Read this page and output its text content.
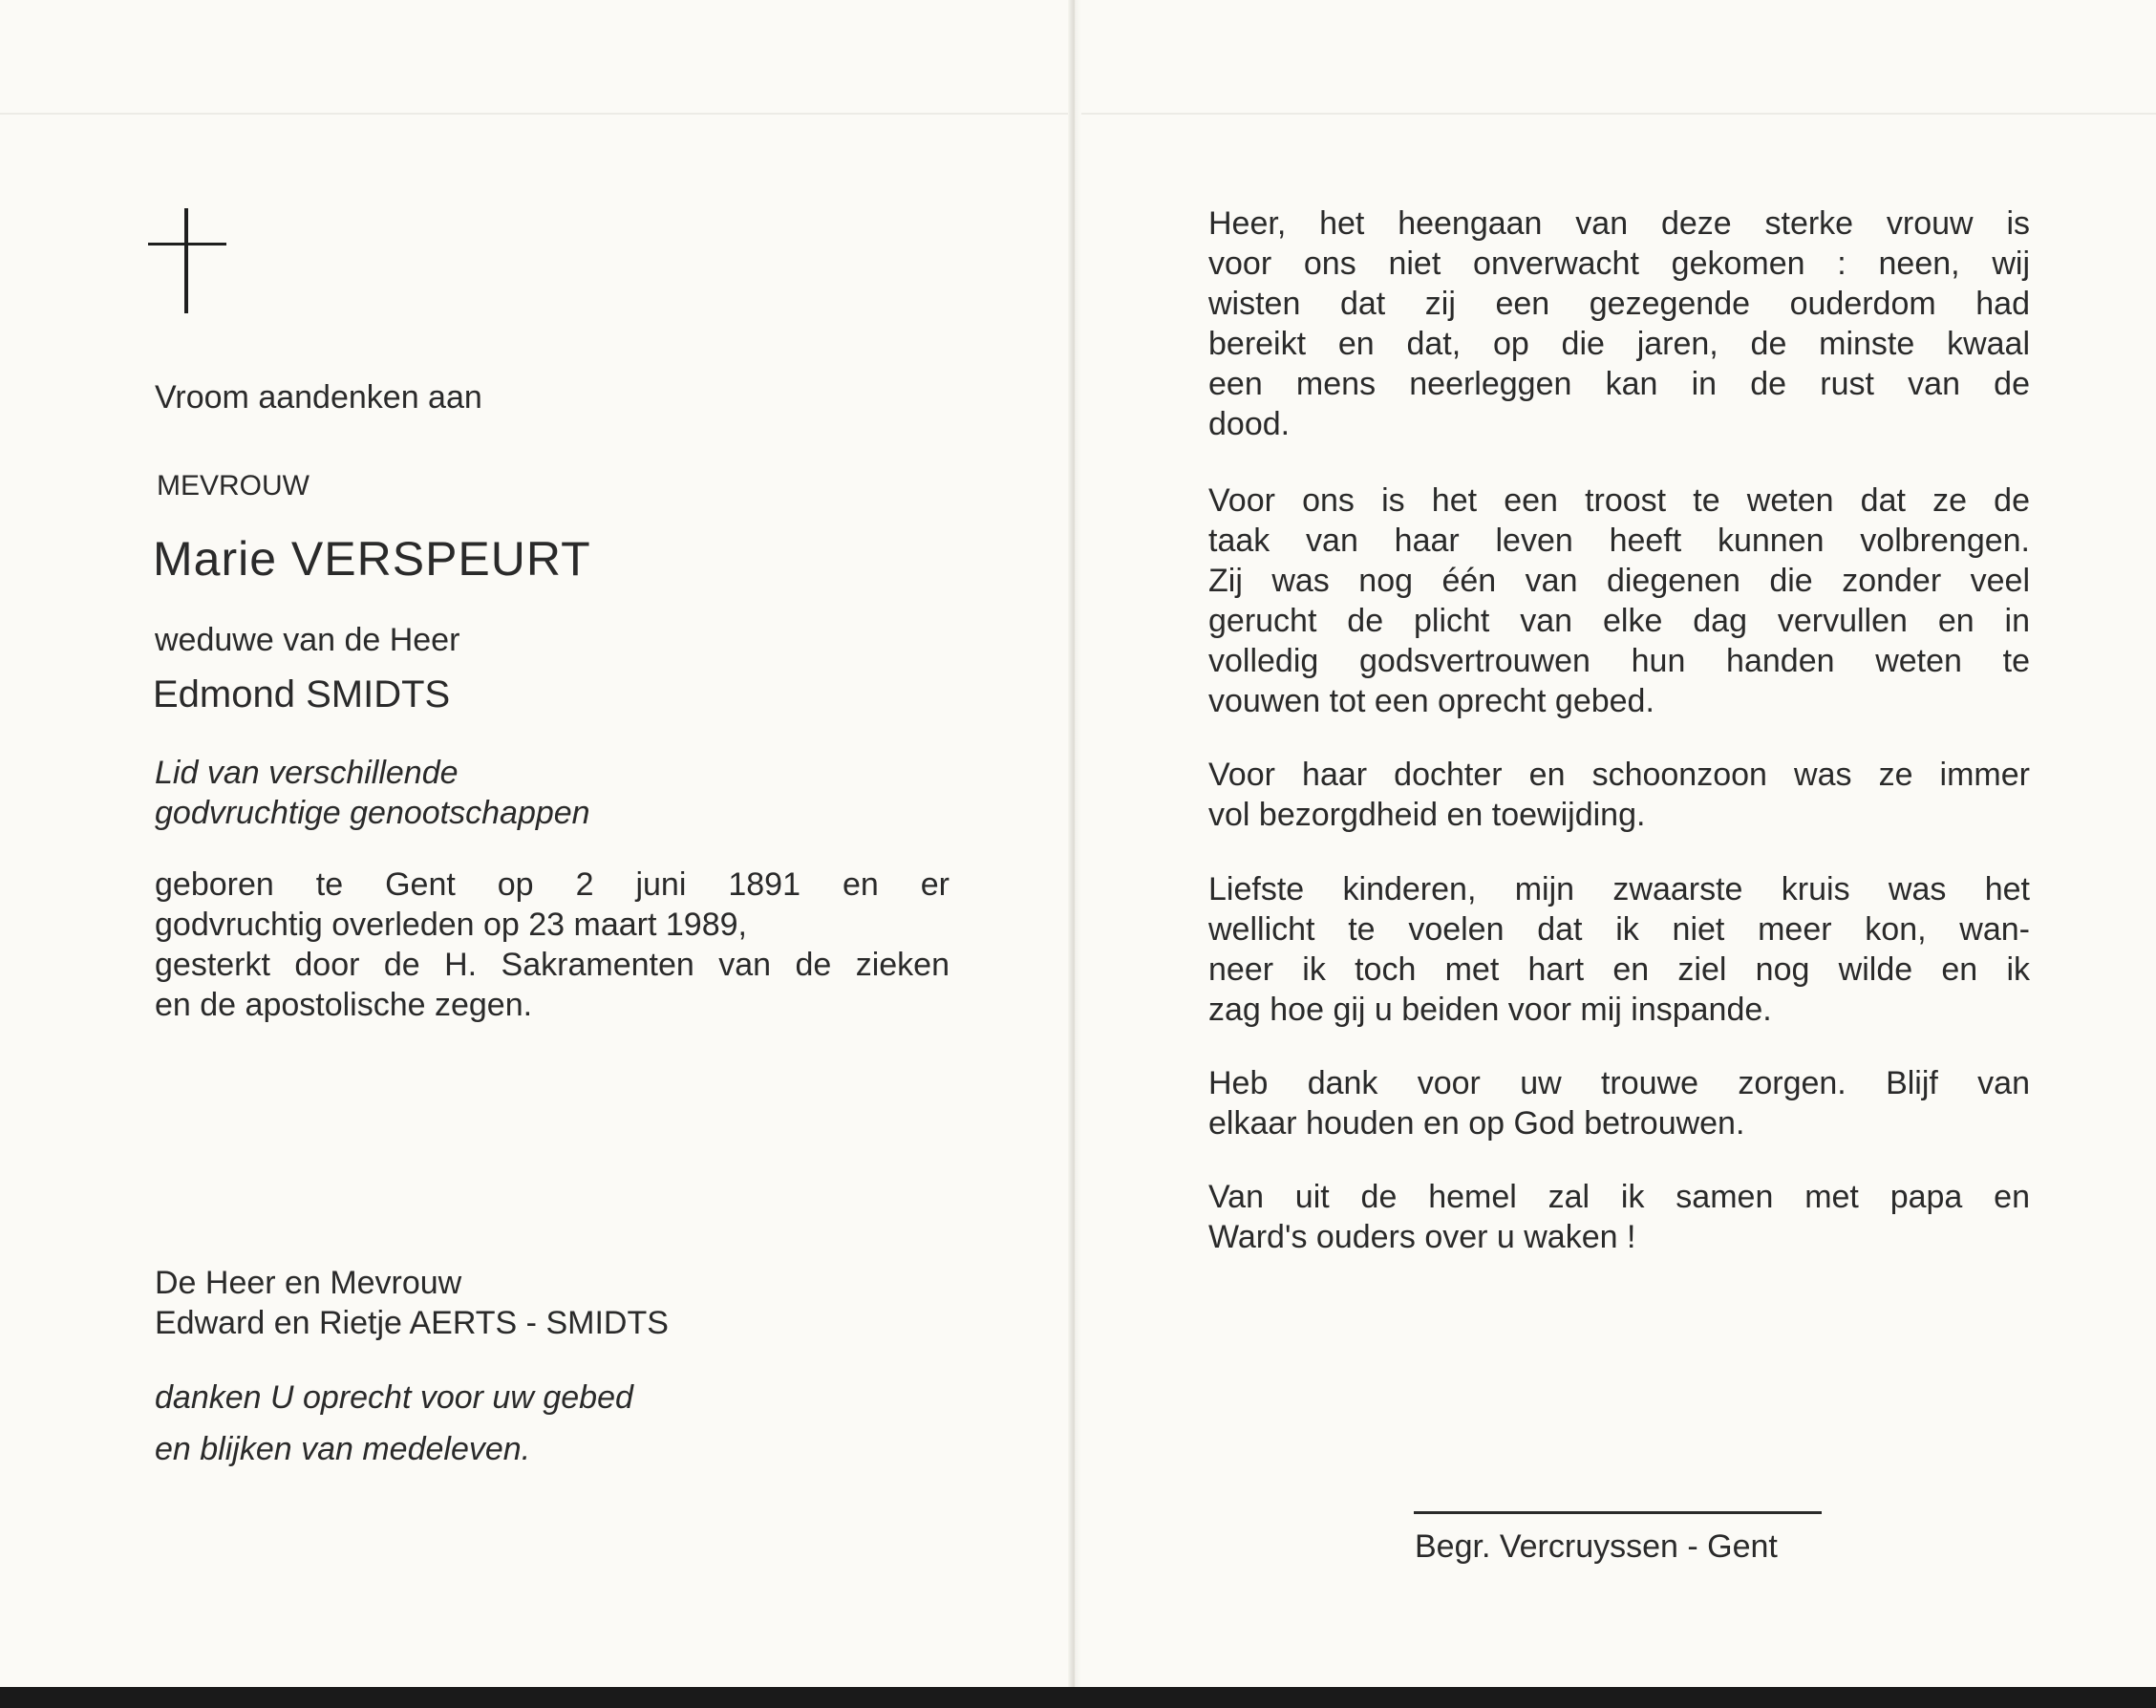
Vroom aandenken aan
MEVROUW
Marie VERSPEURT
weduwe van de Heer
Edmond SMIDTS
Lid van verschillende
godvruchtige genootschappen
geboren te Gent op 2 juni 1891 en er
godvruchtig overleden op 23 maart 1989,
gesterkt door de H. Sakramenten van de zieken
en de apostolische zegen.
De Heer en Mevrouw
Edward en Rietje AERTS - SMIDTS
danken U oprecht voor uw gebed
en blijken van medeleven.
Heer, het heengaan van deze sterke vrouw is
voor ons niet onverwacht gekomen : neen, wij
wisten dat zij een gezegende ouderdom had
bereikt en dat, op die jaren, de minste kwaal
een mens neerleggen kan in de rust van de
dood.
Voor ons is het een troost te weten dat ze de
taak van haar leven heeft kunnen volbrengen.
Zij was nog één van diegenen die zonder veel
gerucht de plicht van elke dag vervullen en in
volledig godsvertrouwen hun handen weten te
vouwen tot een oprecht gebed.
Voor haar dochter en schoonzoon was ze immer
vol bezorgdheid en toewijding.
Liefste kinderen, mijn zwaarste kruis was het
wellicht te voelen dat ik niet meer kon, wan-
neer ik toch met hart en ziel nog wilde en ik
zag hoe gij u beiden voor mij inspande.
Heb dank voor uw trouwe zorgen. Blijf van
elkaar houden en op God betrouwen.
Van uit de hemel zal ik samen met papa en
Ward's ouders over u waken !
Begr. Vercruyssen - Gent
